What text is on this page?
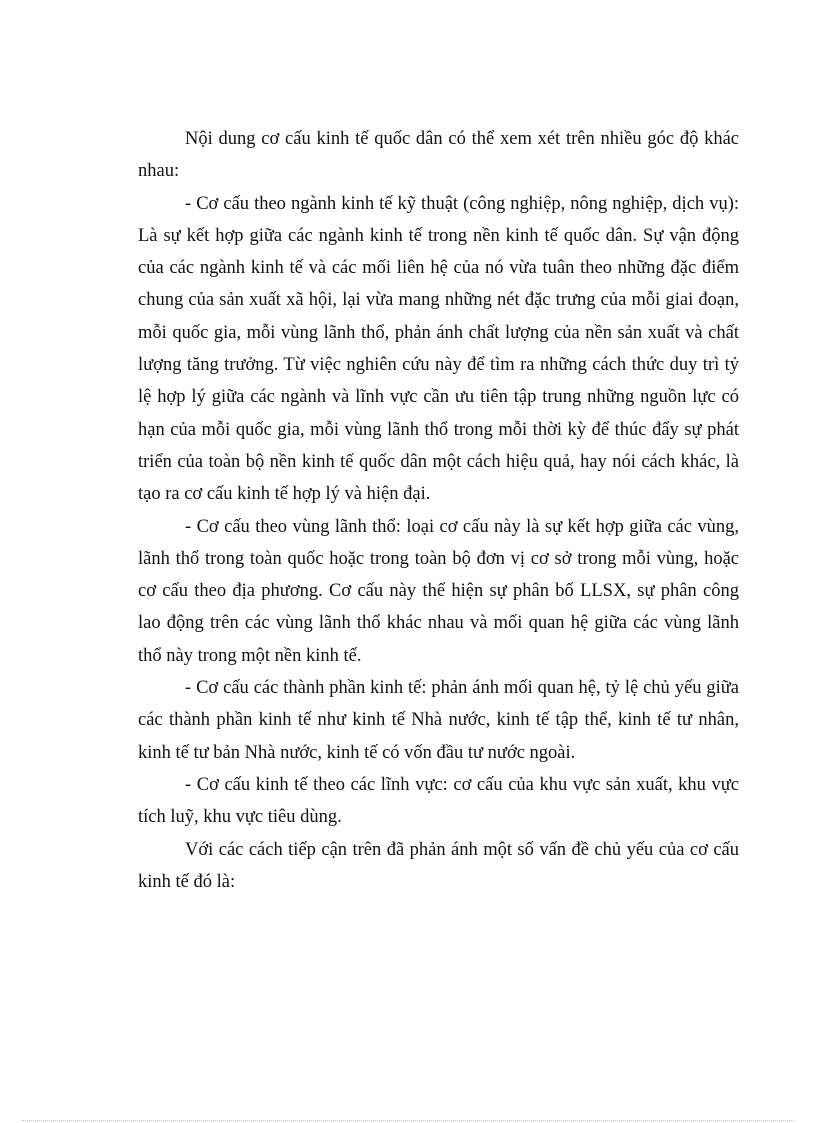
Nội dung cơ cấu kinh tế quốc dân có thể xem xét trên nhiều góc độ khác nhau:

- Cơ cấu theo ngành kinh tế kỹ thuật (công nghiệp, nông nghiệp, dịch vụ): Là sự kết hợp giữa các ngành kinh tế trong nền kinh tế quốc dân. Sự vận động của các ngành kinh tế và các mối liên hệ của nó vừa tuân theo những đặc điểm chung của sản xuất xã hội, lại vừa mang những nét đặc trưng của mỗi giai đoạn, mỗi quốc gia, mỗi vùng lãnh thổ, phản ánh chất lượng của nền sản xuất và chất lượng tăng trưởng. Từ việc nghiên cứu này để tìm ra những cách thức duy trì tỷ lệ hợp lý giữa các ngành và lĩnh vực cần ưu tiên tập trung những nguồn lực có hạn của mỗi quốc gia, mỗi vùng lãnh thổ trong mỗi thời kỳ để thúc đẩy sự phát triển của toàn bộ nền kinh tế quốc dân một cách hiệu quả, hay nói cách khác, là tạo ra cơ cấu kinh tế hợp lý và hiện đại.

- Cơ cấu theo vùng lãnh thổ: loại cơ cấu này là sự kết hợp giữa các vùng, lãnh thổ trong toàn quốc hoặc trong toàn bộ đơn vị cơ sở trong mỗi vùng, hoặc cơ cấu theo địa phương. Cơ cấu này thể hiện sự phân bố LLSX, sự phân công lao động trên các vùng lãnh thổ khác nhau và mối quan hệ giữa các vùng lãnh thổ này trong một nền kinh tế.

- Cơ cấu các thành phần kinh tế: phản ánh mối quan hệ, tỷ lệ chủ yếu giữa các thành phần kinh tế như kinh tế Nhà nước, kinh tế tập thể, kinh tế tư nhân, kinh tế tư bản Nhà nước, kinh tế có vốn đầu tư nước ngoài.

- Cơ cấu kinh tế theo các lĩnh vực: cơ cấu của khu vực sản xuất, khu vực tích luỹ, khu vực tiêu dùng.

Với các cách tiếp cận trên đã phản ánh một số vấn đề chủ yếu của cơ cấu kinh tế đó là:
